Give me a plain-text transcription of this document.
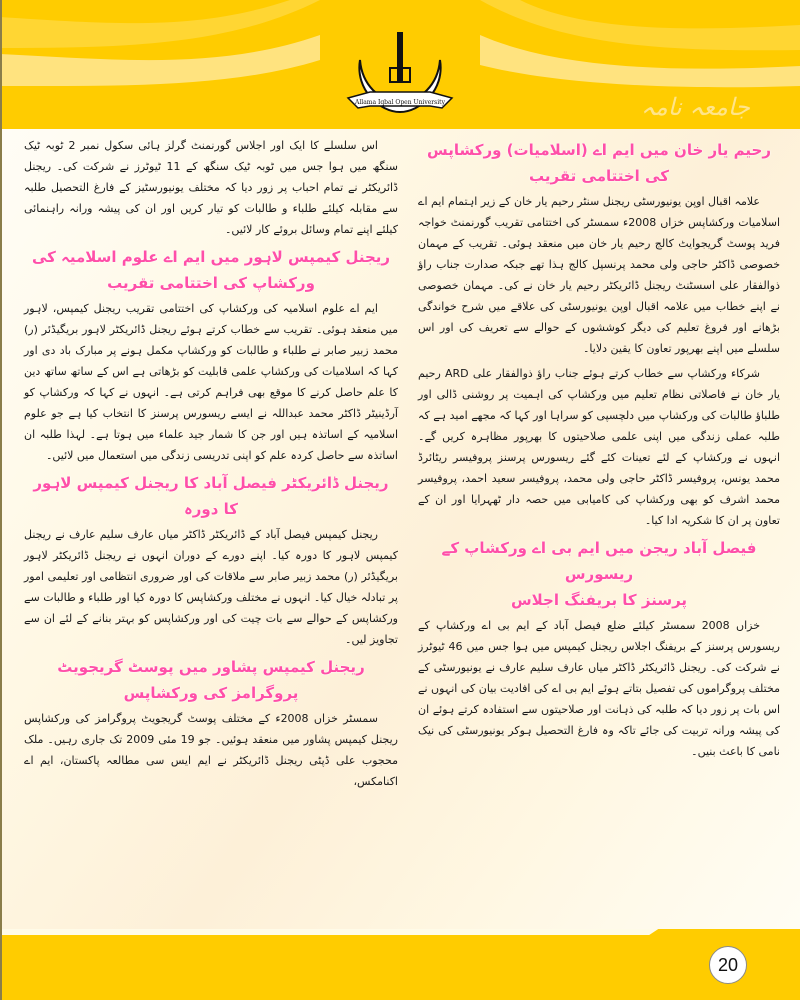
Allama Iqbal Open University	جامعہ نامہ
رحیم یار خان میں ایم اے (اسلامیات) ورکشاپس
کی اختتامی تقریب

علامہ اقبال اوپن یونیورسٹی ریجنل سنٹر رحیم یار خان کے زیر اہتمام ایم اے اسلامیات ورکشاپس خزاں 2008ء سمسٹر کی اختتامی تقریب گورنمنٹ خواجہ فرید پوسٹ گریجوایٹ کالج رحیم یار خان میں منعقد ہوئی۔ تقریب کے مہمان خصوصی ڈاکٹر حاجی ولی محمد پرنسپل کالج ہذا تھے جبکہ صدارت جناب راؤ ذوالفقار علی اسسٹنٹ ریجنل ڈائریکٹر رحیم یار خان نے کی۔ مہمان خصوصی نے اپنے خطاب میں علامہ اقبال اوپن یونیورسٹی کی علاقے میں شرح خواندگی بڑھانے اور فروغ تعلیم کی دیگر کوششوں کے حوالے سے تعریف کی اور اس سلسلے میں اپنے بھرپور تعاون کا یقین دلایا۔

شرکاء ورکشاپ سے خطاب کرتے ہوئے جناب راؤ ذوالفقار علی ARD رحیم یار خان نے فاصلاتی نظام تعلیم میں ورکشاپ کی اہمیت پر روشنی ڈالی اور طلباؤ طالبات کی ورکشاپ میں دلچسپی کو سراہا اور کہا کہ مجھے امید ہے کہ طلبہ عملی زندگی میں اپنی علمی صلاحیتوں کا بھرپور مظاہرہ کریں گے۔ انہوں نے ورکشاپ کے لئے تعینات کئے گئے ریسورس پرسنز پروفیسر ریٹائرڈ محمد یونس، پروفیسر ڈاکٹر حاجی ولی محمد، پروفیسر سعید احمد، پروفیسر محمد اشرف کو بھی ورکشاپ کی کامیابی میں حصہ دار ٹھہرایا اور ان کے تعاون پر ان کا شکریہ ادا کیا۔

فیصل آباد ریجن میں ایم بی اے ورکشاپ کے ریسورس
پرسنز کا بریفنگ اجلاس

خزاں 2008 سمسٹر کیلئے ضلع فیصل آباد کے ایم بی اے ورکشاپ کے ریسورس پرسنز کے بریفنگ اجلاس ریجنل کیمپس میں ہوا جس میں 46 ٹیوٹرز نے شرکت کی۔ ریجنل ڈائریکٹر ڈاکٹر میاں عارف سلیم عارف نے یونیورسٹی کے مختلف پروگراموں کی تفصیل بتاتے ہوئے ایم بی اے کی افادیت بیان کی انہوں نے اس بات پر زور دیا کہ طلبہ کی ذہانت اور صلاحیتوں سے استفادہ کرتے ہوئے ان کی پیشہ ورانہ تربیت کی جائے تاکہ وہ فارغ التحصیل ہوکر یونیورسٹی کی نیک نامی کا باعث بنیں۔

اس سلسلے کا ایک اور اجلاس گورنمنٹ گرلز ہائی سکول نمبر 2 ٹوبہ ٹیک سنگھ میں ہوا جس میں ٹوبہ ٹیک سنگھ کے 11 ٹیوٹرز نے شرکت کی۔ ریجنل ڈائریکٹر نے تمام احباب پر زور دیا کہ مختلف یونیورسٹیز کے فارغ التحصیل طلبہ سے مقابلہ کیلئے طلباء و طالبات کو تیار کریں اور ان کی پیشہ ورانہ راہنمائی کیلئے اپنے تمام وسائل بروئے کار لائیں۔

ریجنل کیمپس لاہور میں ایم اے علوم اسلامیہ کی
ورکشاپ کی اختتامی تقریب

ایم اے علوم اسلامیہ کی ورکشاپ کی اختتامی تقریب ریجنل کیمپس، لاہور میں منعقد ہوئی۔ تقریب سے خطاب کرتے ہوئے ریجنل ڈائریکٹر لاہور بریگیڈئر (ر) محمد زبیر صابر نے طلباء و طالبات کو ورکشاپ مکمل ہونے پر مبارک باد دی اور کہا کہ اسلامیات کی ورکشاپ علمی قابلیت کو بڑھاتی ہے اس کے ساتھ ساتھ دین کا علم حاصل کرنے کا موقع بھی فراہم کرتی ہے۔ انہوں نے کہا کہ ورکشاپ کو آرڈینیٹر ڈاکٹر محمد عبداللہ نے ایسے ریسورس پرسنز کا انتخاب کیا ہے جو علوم اسلامیہ کے اساتذہ ہیں اور جن کا شمار جید علماء میں ہوتا ہے۔ لہذا طلبہ ان اساتذہ سے حاصل کردہ علم کو اپنی تدریسی زندگی میں استعمال میں لائیں۔

ریجنل ڈائریکٹر فیصل آباد کا ریجنل کیمپس لاہور کا دورہ

ریجنل کیمپس فیصل آباد کے ڈائریکٹر ڈاکٹر میاں عارف سلیم عارف نے ریجنل کیمپس لاہور کا دورہ کیا۔ اپنے دورے کے دوران انہوں نے ریجنل ڈائریکٹر لاہور بریگیڈئر (ر) محمد زبیر صابر سے ملاقات کی اور ضروری انتظامی اور تعلیمی امور پر تبادلہ خیال کیا۔ انہوں نے مختلف ورکشاپس کا دورہ کیا اور طلباء و طالبات سے ورکشاپس کے حوالے سے بات چیت کی اور ورکشاپس کو بہتر بنانے کے لئے ان سے تجاویز لیں۔

ریجنل کیمپس پشاور میں پوسٹ گریجویٹ پروگرامز کی ورکشاپس

سمسٹر خزاں 2008ء کے مختلف پوسٹ گریجویٹ پروگرامز کی ورکشاپس ریجنل کیمپس پشاور میں منعقد ہوئیں۔ جو 19 مئی 2009 تک جاری رہیں۔ ملک محجوب علی ڈپٹی ریجنل ڈائریکٹر نے ایم ایس سی مطالعہ پاکستان، ایم اے اکنامکس،

20
